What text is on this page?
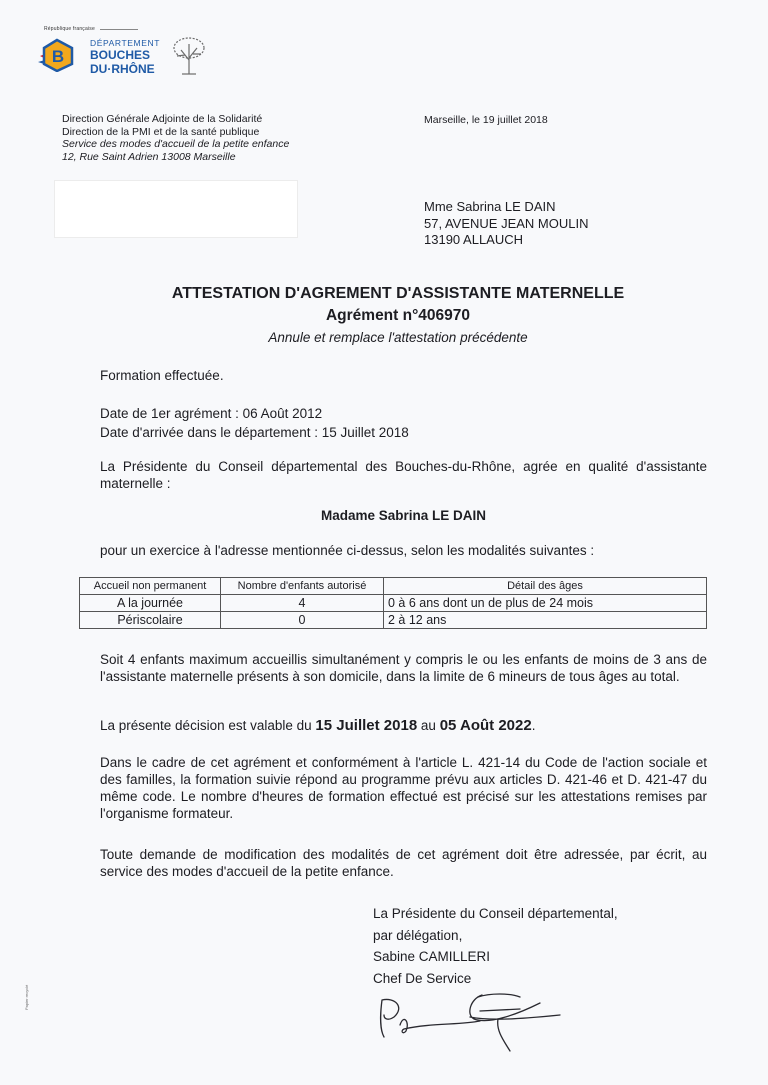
République française
B
DÉPARTEMENT
BOUCHES
DU·RHÔNE
Direction Générale Adjointe de la Solidarité
Direction de la PMI et de la santé publique
Service des modes d'accueil de la petite enfance
12, Rue Saint Adrien 13008 Marseille
Marseille, le 19 juillet 2018
Mme Sabrina LE DAIN
57, AVENUE JEAN MOULIN
13190 ALLAUCH
ATTESTATION D'AGREMENT D'ASSISTANTE MATERNELLE
Agrément n°406970
Annule et remplace l'attestation précédente
Formation effectuée.
Date de 1er agrément : 06 Août 2012
Date d'arrivée dans le département : 15 Juillet 2018
La Présidente du Conseil départemental des Bouches-du-Rhône, agrée en qualité d'assistante maternelle :
Madame Sabrina LE DAIN
pour un exercice à l'adresse mentionnée ci-dessus, selon les modalités suivantes :
Accueil non permanent	Nombre d'enfants autorisé	Détail des âges
A la journée	4	0 à 6 ans dont un de plus de 24 mois
Périscolaire	0	2 à 12 ans
Soit 4 enfants maximum accueillis simultanément y compris le ou les enfants de moins de 3 ans de l'assistante maternelle présents à son domicile, dans la limite de 6 mineurs de tous âges au total.
La présente décision est valable du 15 Juillet 2018 au 05 Août 2022.
Dans le cadre de cet agrément et conformément à l'article L. 421-14 du Code de l'action sociale et des familles, la formation suivie répond au programme prévu aux articles D. 421-46 et D. 421-47 du même code. Le nombre d'heures de formation effectué est précisé sur les attestations remises par l'organisme formateur.
Toute demande de modification des modalités de cet agrément doit être adressée, par écrit, au service des modes d'accueil de la petite enfance.
La Présidente du Conseil départemental,
par délégation,
Sabine CAMILLERI
Chef De Service
Papier recyclé
